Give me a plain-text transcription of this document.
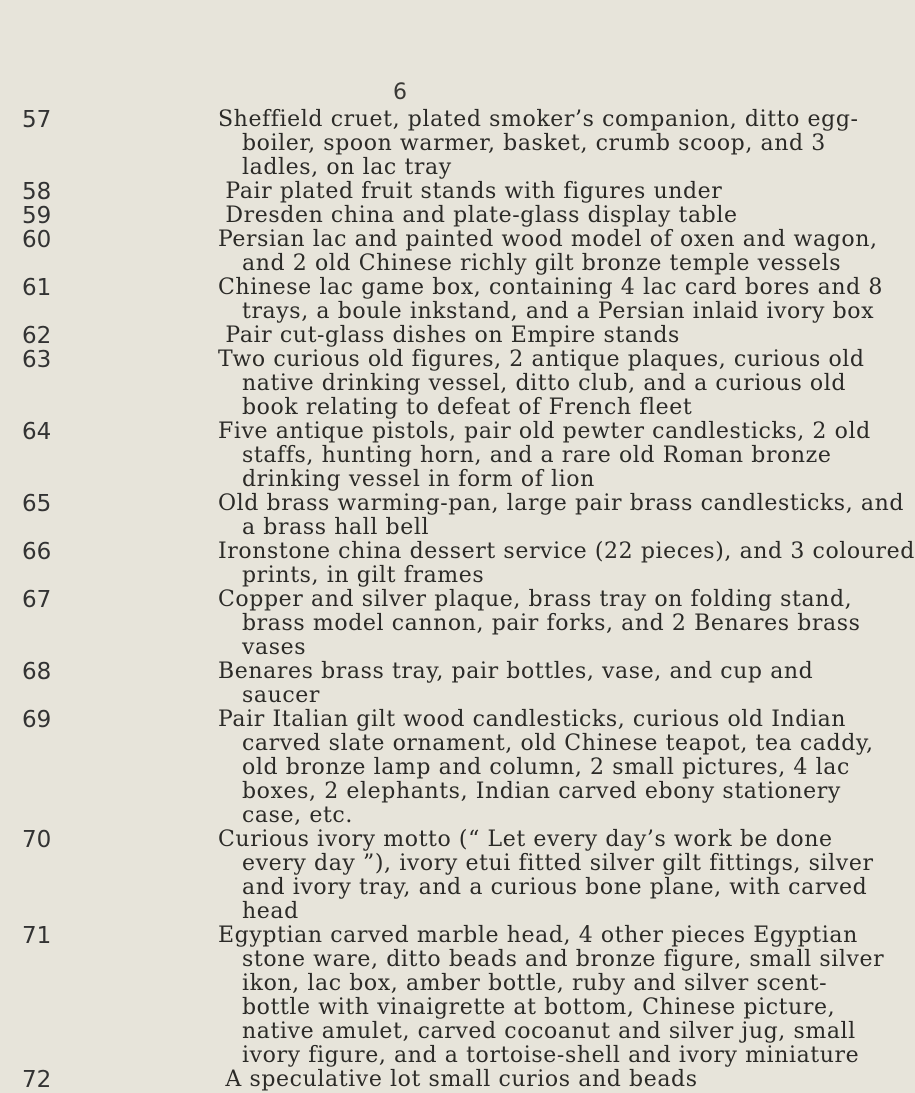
6
57	Sheffield cruet, plated smoker’s companion, ditto egg-
boiler, spoon warmer, basket, crumb scoop, and 3
ladles, on lac tray
58	Pair plated fruit stands with figures under
59	Dresden china and plate-glass display table
60	Persian lac and painted wood model of oxen and wagon,
and 2 old Chinese richly gilt bronze temple vessels
61	Chinese lac game box, containing 4 lac card bores and 8
trays, a boule inkstand, and a Persian inlaid ivory box
62	Pair cut-glass dishes on Empire stands
63	Two curious old figures, 2 antique plaques, curious old
native drinking vessel, ditto club, and a curious old
book relating to defeat of French fleet
64	Five antique pistols, pair old pewter candlesticks, 2 old
staffs, hunting horn, and a rare old Roman bronze
drinking vessel in form of lion
65	Old brass warming-pan, large pair brass candlesticks, and
a brass hall bell
66	Ironstone china dessert service (22 pieces), and 3 coloured
prints, in gilt frames
67	Copper and silver plaque, brass tray on folding stand,
brass model cannon, pair forks, and 2 Benares brass
vases
68	Benares brass tray, pair bottles, vase, and cup and
saucer
69	Pair Italian gilt wood candlesticks, curious old Indian
carved slate ornament, old Chinese teapot, tea caddy,
old bronze lamp and column, 2 small pictures, 4 lac
boxes, 2 elephants, Indian carved ebony stationery
case, etc.
70	Curious ivory motto (“ Let every day’s work be done
every day ”), ivory etui fitted silver gilt fittings, silver
and ivory tray, and a curious bone plane, with carved
head
71	Egyptian carved marble head, 4 other pieces Egyptian
stone ware, ditto beads and bronze figure, small silver
ikon, lac box, amber bottle, ruby and silver scent-
bottle with vinaigrette at bottom, Chinese picture,
native amulet, carved cocoanut and silver jug, small
ivory figure, and a tortoise-shell and ivory miniature
72	A speculative lot small curios and beads
